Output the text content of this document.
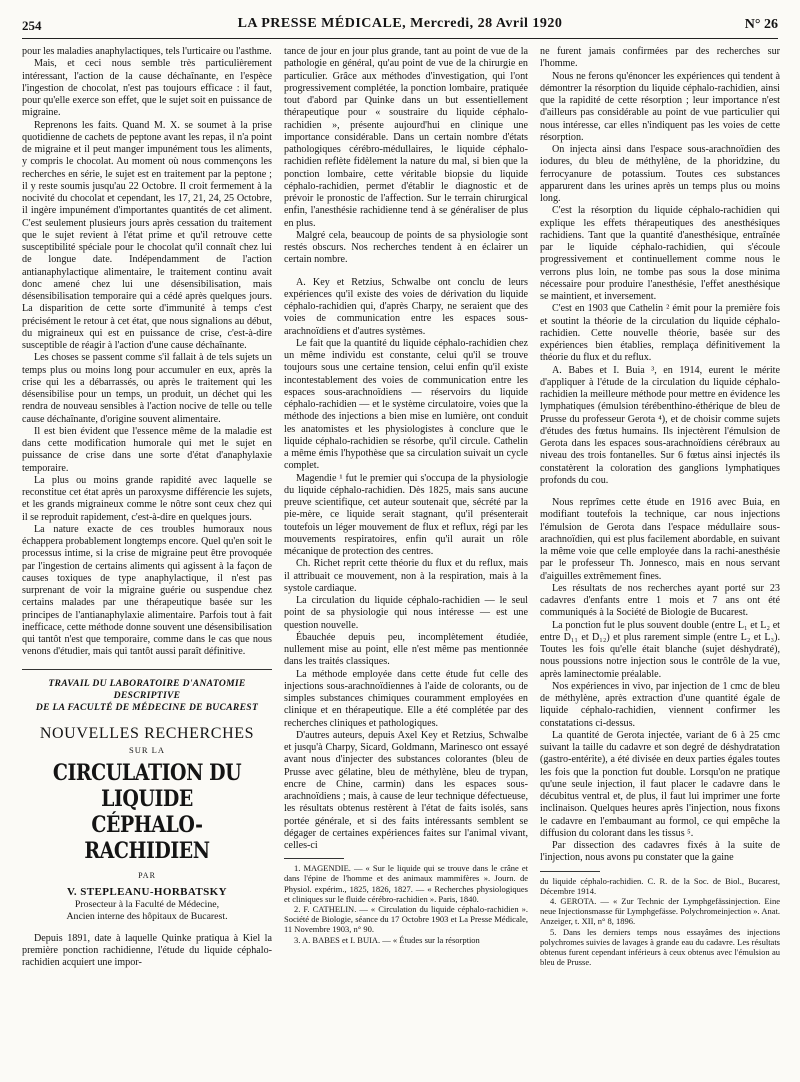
254	LA PRESSE MÉDICALE, Mercredi, 28 Avril 1920	N° 26

pour les maladies anaphylactiques, tels l'urticaire ou l'asthme.

Mais, et ceci nous semble très particulièrement intéressant, l'action de la cause déchaînante, en l'espèce l'ingestion de chocolat, n'est pas toujours efficace : il faut, pour qu'elle exerce son effet, que le sujet soit en puissance de migraine.

Reprenons les faits. Quand M. X. se soumet à la prise quotidienne de cachets de peptone avant les repas, il n'a point de migraine et il peut manger impunément tous les aliments, y compris le chocolat. Au moment où nous commençons les recherches en série, le sujet est en traitement par la peptone ; il y reste soumis jusqu'au 22 Octobre. Il croit fermement à la nocivité du chocolat et cependant, les 17, 21, 24, 25 Octobre, il ingère impunément d'importantes quantités de cet aliment. C'est seulement plusieurs jours après cessation du traitement que le sujet revient à l'état prime et qu'il retrouve cette susceptibilité spéciale pour le chocolat qu'il connaît chez lui de longue date. Indépendamment de l'action antianaphylactique alimentaire, le traitement continu avait donc amené chez lui une désensibilisation, mais désensibilisation temporaire qui a cédé après quelques jours. La disparition de cette sorte d'immunité à temps c'est précisément le retour à cet état, que nous signalions au début, du migraineux qui est en puissance de crise, c'est-à-dire susceptible de réagir à l'action d'une cause déchaînante.

Les choses se passent comme s'il fallait à de tels sujets un temps plus ou moins long pour accumuler en eux, après la crise qui les a débarrassés, ou après le traitement qui les désensibilise pour un temps, un produit, un déchet qui les rendra de nouveau sensibles à l'action nocive de telle ou telle cause déchaînante, d'origine souvent alimentaire.

Il est bien évident que l'essence même de la maladie est dans cette modification humorale qui met le sujet en puissance de crise dans une sorte d'état d'anaphylaxie temporaire.

La plus ou moins grande rapidité avec laquelle se reconstitue cet état après un paroxysme différencie les sujets, et les grands migraineux comme le nôtre sont ceux chez qui il se reproduit rapidement, c'est-à-dire en quelques jours.

La nature exacte de ces troubles humoraux nous échappera probablement longtemps encore. Quel qu'en soit le processus intime, si la crise de migraine peut être provoquée par l'ingestion de certains aliments qui agissent à la façon de causes toxiques de type anaphylactique, il n'est pas surprenant de voir la migraine guérie ou suspendue chez certains malades par une thérapeutique basée sur les principes de l'antianaphylaxie alimentaire. Parfois tout à fait inefficace, cette méthode donne souvent une désensibilisation qui tantôt n'est que temporaire, comme dans le cas que nous venons d'étudier, mais qui tantôt aussi paraît définitive.

TRAVAIL DU LABORATOIRE D'ANATOMIE DESCRIPTIVE
DE LA FACULTÉ DE MÉDECINE DE BUCAREST
NOUVELLES RECHERCHES
SUR LA
CIRCULATION DU LIQUIDE
CÉPHALO-RACHIDIEN
PAR
V. STEPLEANU-HORBATSKY
Prosecteur à la Faculté de Médecine,
Ancien interne des hôpitaux de Bucarest.

Depuis 1891, date à laquelle Quinke pratiqua à Kiel la première ponction rachidienne, l'étude du liquide céphalo-rachidien acquiert une impor-

tance de jour en jour plus grande, tant au point de vue de la pathologie en général, qu'au point de vue de la chirurgie en particulier. Grâce aux méthodes d'investigation, qui l'ont progressivement complétée, la ponction lombaire, pratiquée tout d'abord par Quinke dans un but essentiellement thérapeutique pour « soustraire du liquide céphalo-rachidien », présente aujourd'hui en clinique une importance considérable. Dans un certain nombre d'états pathologiques cérébro-médullaires, le liquide céphalo-rachidien reflète fidèlement la nature du mal, si bien que la ponction lombaire, cette véritable biopsie du liquide céphalo-rachidien, permet d'établir le diagnostic et de prévoir le pronostic de l'affection. Sur le terrain chirurgical enfin, l'anesthésie rachidienne tend à se généraliser de plus en plus.

Malgré cela, beaucoup de points de sa physiologie sont restés obscurs. Nos recherches tendent à en éclairer un certain nombre.

A. Key et Retzius, Schwalbe ont conclu de leurs expériences qu'il existe des voies de dérivation du liquide céphalo-rachidien qui, d'après Charpy, ne seraient que des voies de communication entre les espaces sous-arachnoïdiens et d'autres systèmes.

Le fait que la quantité du liquide céphalo-rachidien chez un même individu est constante, celui qu'il se trouve toujours sous une certaine tension, celui enfin qu'il existe incontestablement des voies de communication entre les espaces sous-arachnoïdiens — réservoirs du liquide céphalo-rachidien — et le système circulatoire, voies que la méthode des injections a bien mise en lumière, ont conduit les anatomistes et les physiologistes à conclure que le liquide céphalo-rachidien se résorbe, qu'il circule. Cathelin a même émis l'hypothèse que sa circulation suivait un cycle complet.

Magendie ¹ fut le premier qui s'occupa de la physiologie du liquide céphalo-rachidien. Dès 1825, mais sans aucune preuve scientifique, cet auteur soutenait que, sécrété par la pie-mère, ce liquide serait stagnant, qu'il présenterait toutefois un léger mouvement de flux et reflux, régi par les mouvements respiratoires, enfin qu'il aurait un rôle mécanique de protection des centres.

Ch. Richet reprit cette théorie du flux et du reflux, mais il attribuait ce mouvement, non à la respiration, mais à la systole cardiaque.

La circulation du liquide céphalo-rachidien — le seul point de sa physiologie qui nous intéresse — est une question nouvelle.

Ébauchée depuis peu, incomplètement étudiée, nullement mise au point, elle n'est même pas mentionnée dans les traités classiques.

La méthode employée dans cette étude fut celle des injections sous-arachnoïdiennes à l'aide de colorants, ou de simples substances chimiques couramment employées en clinique et en thérapeutique. Elle a été complétée par des recherches cliniques et pathologiques.

D'autres auteurs, depuis Axel Key et Retzius, Schwalbe et jusqu'à Charpy, Sicard, Goldmann, Marinesco ont essayé avant nous d'injecter des substances colorantes (bleu de Prusse avec gélatine, bleu de méthylène, bleu de trypan, encre de Chine, carmin) dans les espaces sous-arachnoïdiens ; mais, à cause de leur technique défectueuse, les résultats obtenus restèrent à l'état de faits isolés, sans portée générale, et si des faits intéressants semblent se dégager de certaines expériences faites sur l'animal vivant, celles-ci

1. MAGENDIE. — « Sur le liquide qui se trouve dans le crâne et dans l'épine de l'homme et des animaux mammifères ». Journ. de Physiol. expérim., 1825, 1826, 1827. — « Recherches physiologiques et cliniques sur le fluide cérébro-rachidien ». Paris, 1840.

2. F. CATHELIN. — « Circulation du liquide céphalo-rachidien ». Société de Biologie, séance du 17 Octobre 1903 et La Presse Médicale, 11 Novembre 1903, n° 90.

3. A. BABES et I. BUIA. — « Études sur la résorption

ne furent jamais confirmées par des recherches sur l'homme.

Nous ne ferons qu'énoncer les expériences qui tendent à démontrer la résorption du liquide céphalo-rachidien, ainsi que la rapidité de cette résorption ; leur importance n'est d'ailleurs pas considérable au point de vue particulier qui nous intéresse, car elles n'indiquent pas les voies de cette résorption.

On injecta ainsi dans l'espace sous-arachnoïdien des iodures, du bleu de méthylène, de la phoridzine, du ferrocyanure de potassium. Toutes ces substances apparurent dans les urines après un temps plus ou moins long.

C'est la résorption du liquide céphalo-rachidien qui explique les effets thérapeutiques des anesthésiques rachidiens. Tant que la quantité d'anesthésique, entraînée par le liquide céphalo-rachidien, qui s'écoule progressivement et continuellement comme nous le verrons plus loin, ne tombe pas sous la dose minima nécessaire pour produire l'anesthésie, l'effet anesthésique se maintient, et inversement.

C'est en 1903 que Cathelin ² émit pour la première fois et soutint la théorie de la circulation du liquide céphalo-rachidien. Cette nouvelle théorie, basée sur des expériences bien établies, remplaça définitivement la théorie du flux et du reflux.

A. Babes et I. Buia ³, en 1914, eurent le mérite d'appliquer à l'étude de la circulation du liquide céphalo-rachidien la meilleure méthode pour mettre en évidence les lymphatiques (émulsion térébenthino-éthérique de bleu de Prusse du professeur Gerota ⁴), et de choisir comme sujets d'études des fœtus humains. Ils injectèrent l'émulsion de Gerota dans les espaces sous-arachnoïdiens cérébraux au niveau des trois fontanelles. Sur 6 fœtus ainsi injectés ils constatèrent la coloration des ganglions lymphatiques profonds du cou.

Nous reprîmes cette étude en 1916 avec Buia, en modifiant toutefois la technique, car nous injections l'émulsion de Gerota dans l'espace médullaire sous-arachnoïdien, qui est plus facilement abordable, en suivant la même voie que celle employée dans la rachi-anesthésie par le professeur Th. Jonnesco, mais en nous servant d'aiguilles extrêmement fines.

Les résultats de nos recherches ayant porté sur 23 cadavres d'enfants entre 1 mois et 7 ans ont été communiqués à la Société de Biologie de Bucarest.

La ponction fut le plus souvent double (entre L₁ et L₂ et entre D₁₁ et D₁₂) et plus rarement simple (entre L₂ et L₃). Toutes les fois qu'elle était blanche (sujet déshydraté), nous poussions notre injection sous le contrôle de la vue, après laminectomie préalable.

Nos expériences in vivo, par injection de 1 cmc de bleu de méthylène, après extraction d'une quantité égale de liquide céphalo-rachidien, viennent confirmer les constatations ci-dessus.

La quantité de Gerota injectée, variant de 6 à 25 cmc suivant la taille du cadavre et son degré de déshydratation (gastro-entérite), a été divisée en deux parties égales toutes les fois que la ponction fut double. Lorsqu'on ne pratique qu'une seule injection, il faut placer le cadavre dans le décubitus ventral et, de plus, il faut lui imprimer une forte inclinaison. Quelques heures après l'injection, nous fixons le cadavre en l'embaumant au formol, ce qui empêche la diffusion du colorant dans les tissus ⁵.

Par dissection des cadavres fixés à la suite de l'injection, nous avons pu constater que la gaine

du liquide céphalo-rachidien. C. R. de la Soc. de Biol., Bucarest, Décembre 1914.

4. GEROTA. — « Zur Technic der Lymphgefässinjection. Eine neue Injectionsmasse für Lymphgefässe. Polychromeinjection ». Anat. Anzeiger, t. XII, n° 8, 1896.

5. Dans les derniers temps nous essayâmes des injections polychromes suivies de lavages à grande eau du cadavre. Les résultats obtenus furent cependant inférieurs à ceux obtenus avec l'émulsion au bleu de Prusse.
